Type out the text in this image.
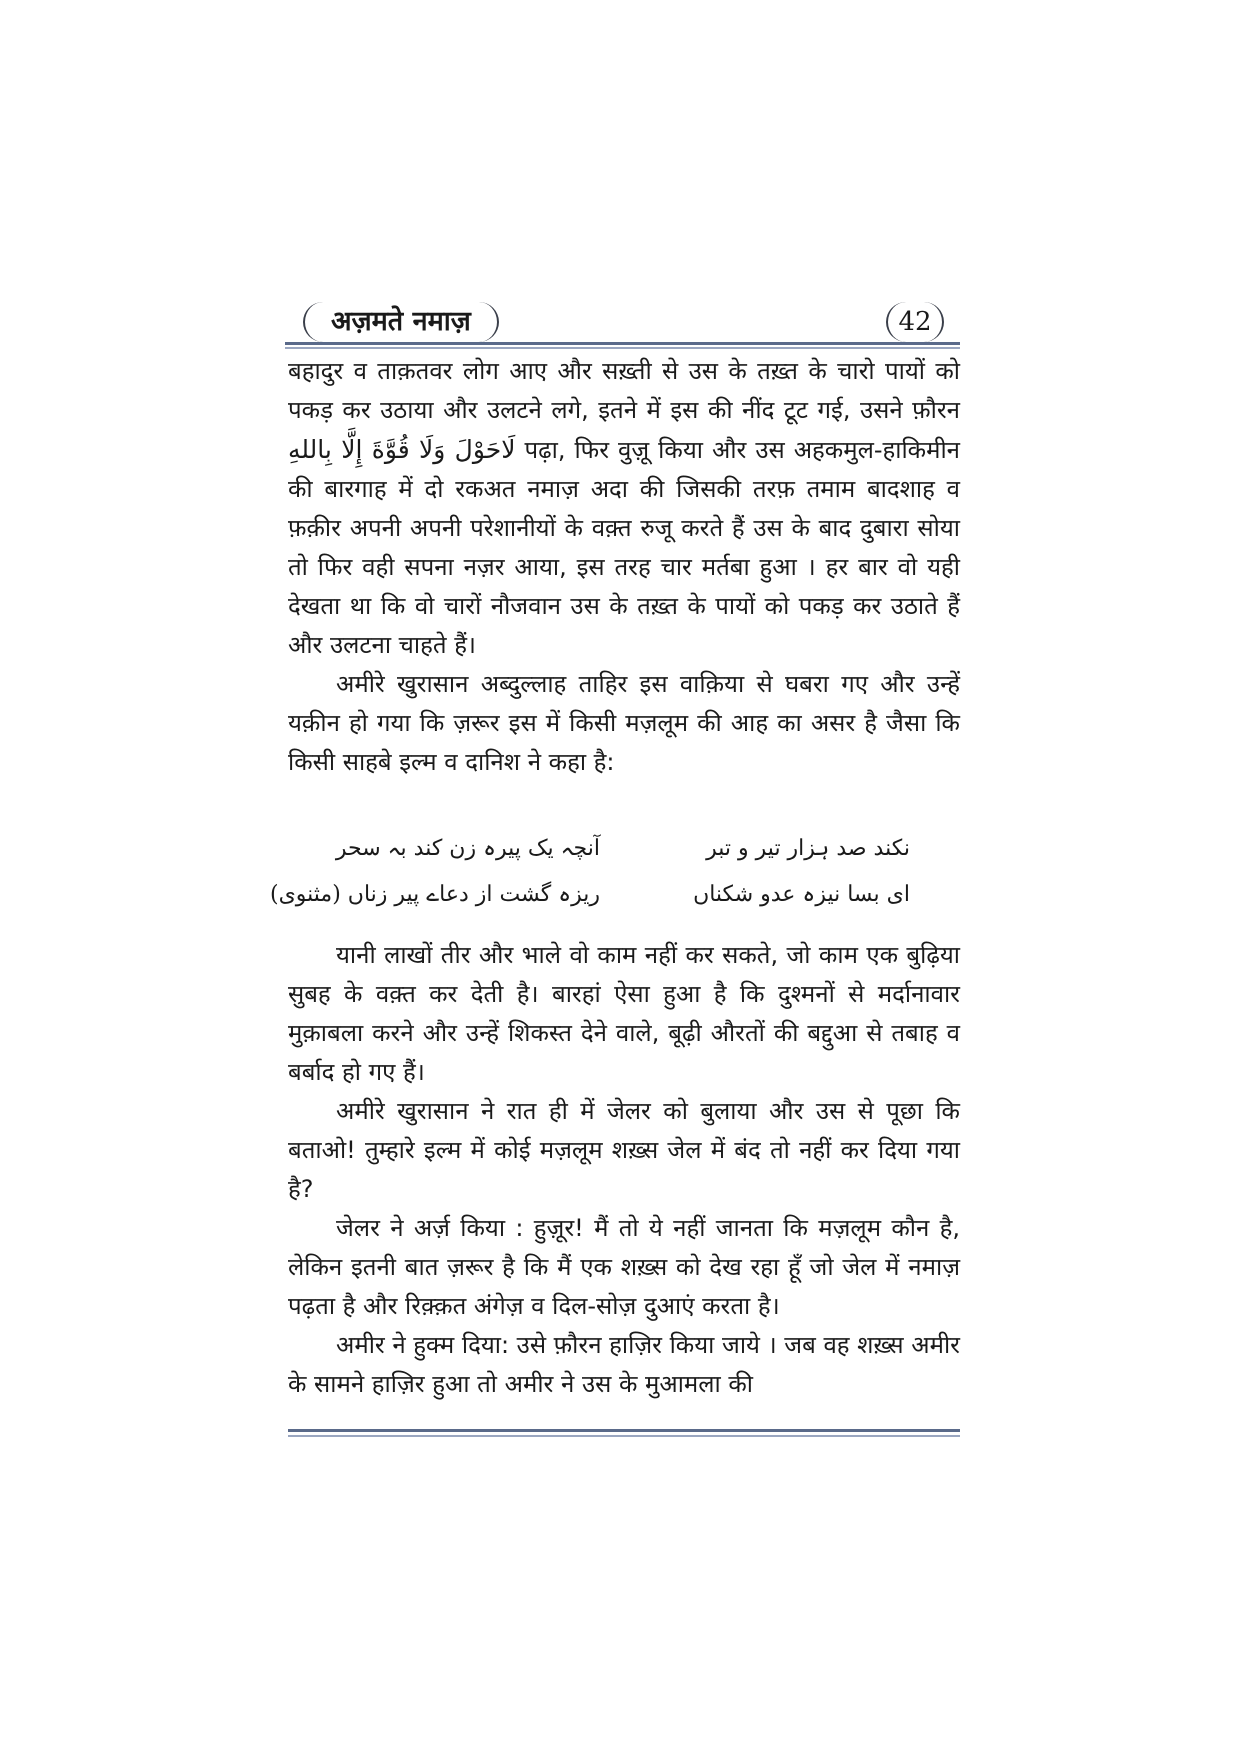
अज़मते नमाज़	42

बहादुर व ताक़तवर लोग आए और सख़्ती से उस के तख़्त के चारो पायों को पकड़ कर उठाया और उलटने लगे, इतने में इस की नींद टूट गई, उसने फ़ौरन لَاحَوْلَ وَلَا قُوَّةَ إِلَّا بِاللهِ पढ़ा, फिर वुज़ू किया और उस अहकमुल-हाकिमीन की बारगाह में दो रकअत नमाज़ अदा की जिसकी तरफ़ तमाम बादशाह व फ़क़ीर अपनी अपनी परेशानीयों के वक़्त रुजू करते हैं उस के बाद दुबारा सोया तो फिर वही सपना नज़र आया, इस तरह चार मर्तबा हुआ । हर बार वो यही देखता था कि वो चारों नौजवान उस के तख़्त के पायों को पकड़ कर उठाते हैं और उलटना चाहते हैं।

अमीरे खुरासान अब्दुल्लाह ताहिर इस वाक़िया से घबरा गए और उन्हें यक़ीन हो गया कि ज़रूर इस में किसी मज़लूम की आह का असर है जैसा कि किसी साहबे इल्म व दानिश ने कहा है:

نکند صد ہزار تیر و تبر
آنچہ یک پیرہ زن کند بہ سحر
ای بسا نیزہ عدو شکناں
ریزہ گشت از دعاے پیر زناں (مثنوی)

यानी लाखों तीर और भाले वो काम नहीं कर सकते, जो काम एक बुढ़िया सुबह के वक़्त कर देती है। बारहां ऐसा हुआ है कि दुश्मनों से मर्दानावार मुक़ाबला करने और उन्हें शिकस्त देने वाले, बूढ़ी औरतों की बद्दुआ से तबाह व बर्बाद हो गए हैं।

अमीरे खुरासान ने रात ही में जेलर को बुलाया और उस से पूछा कि बताओ! तुम्हारे इल्म में कोई मज़लूम शख़्स जेल में बंद तो नहीं कर दिया गया है?

जेलर ने अर्ज़ किया : हुज़ूर! मैं तो ये नहीं जानता कि मज़लूम कौन है, लेकिन इतनी बात ज़रूर है कि मैं एक शख़्स को देख रहा हूँ जो जेल में नमाज़ पढ़ता है और रिक़्क़त अंगेज़ व दिल-सोज़ दुआएं करता है।

अमीर ने हुक्म दिया: उसे फ़ौरन हाज़िर किया जाये । जब वह शख़्स अमीर के सामने हाज़िर हुआ तो अमीर ने उस के मुआमला की
